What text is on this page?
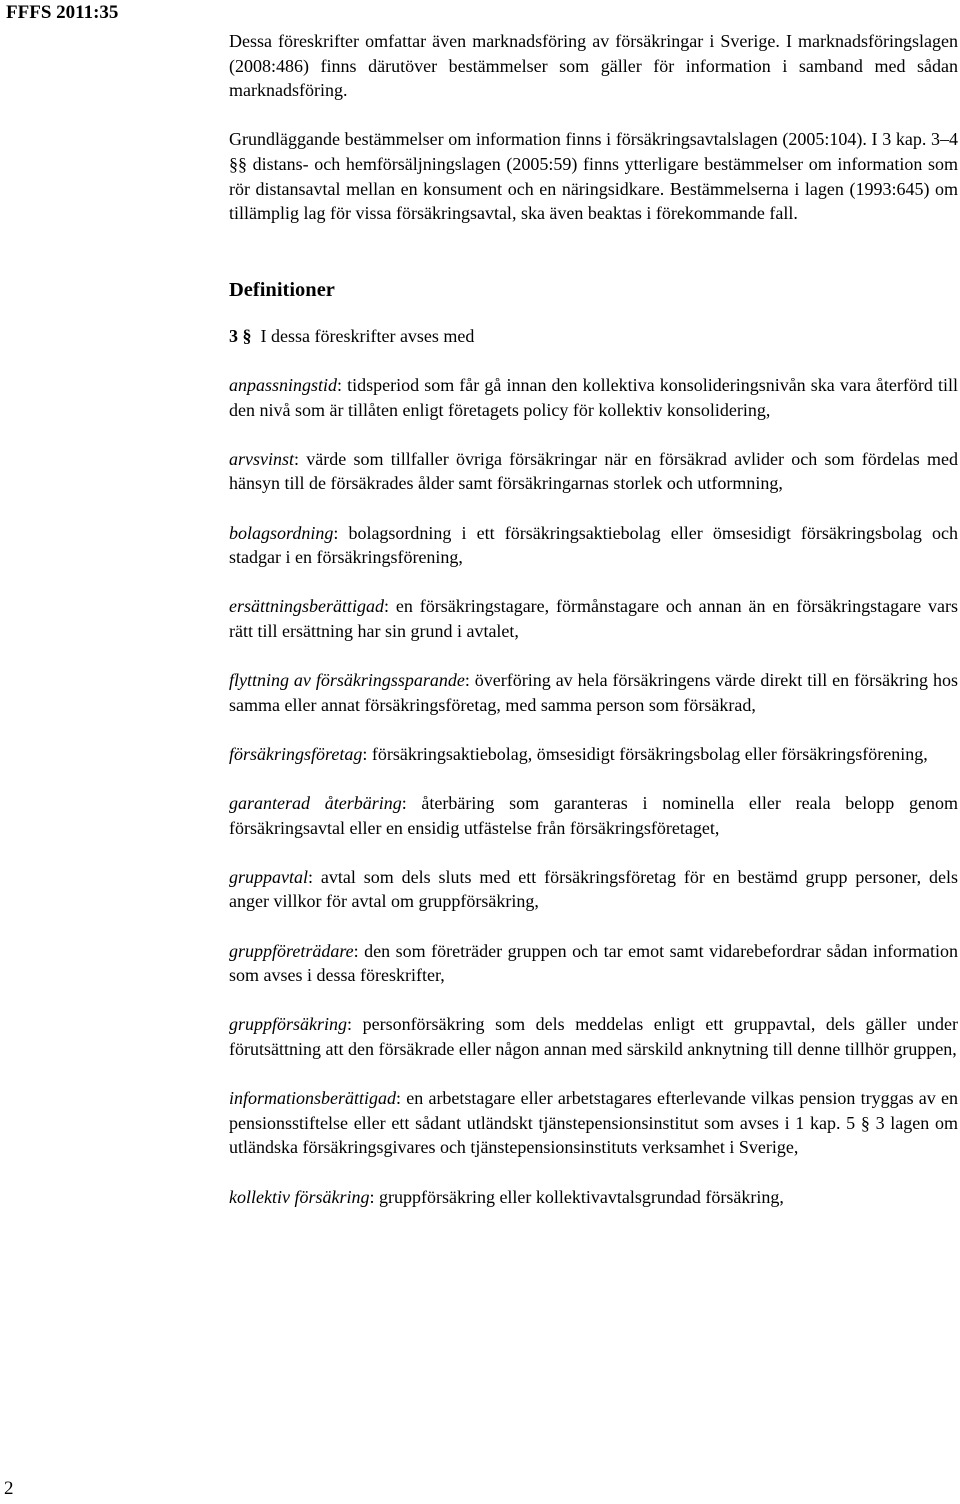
FFFS 2011:35

Dessa föreskrifter omfattar även marknadsföring av försäkringar i Sverige. I marknadsföringslagen (2008:486) finns därutöver bestämmelser som gäller för information i samband med sådan marknadsföring.

Grundläggande bestämmelser om information finns i försäkringsavtalslagen (2005:104). I 3 kap. 3–4 §§ distans- och hemförsäljningslagen (2005:59) finns ytterligare bestämmelser om information som rör distansavtal mellan en konsument och en näringsidkare. Bestämmelserna i lagen (1993:645) om tillämplig lag för vissa försäkringsavtal, ska även beaktas i förekommande fall.

Definitioner

3 § I dessa föreskrifter avses med

anpassningstid: tidsperiod som får gå innan den kollektiva konsolideringsnivån ska vara återförd till den nivå som är tillåten enligt företagets policy för kollektiv konsolidering,

arvsvinst: värde som tillfaller övriga försäkringar när en försäkrad avlider och som fördelas med hänsyn till de försäkrades ålder samt försäkringarnas storlek och utformning,

bolagsordning: bolagsordning i ett försäkringsaktiebolag eller ömsesidigt försäkringsbolag och stadgar i en försäkringsförening,

ersättningsberättigad: en försäkringstagare, förmånstagare och annan än en försäkringstagare vars rätt till ersättning har sin grund i avtalet,

flyttning av försäkringssparande: överföring av hela försäkringens värde direkt till en försäkring hos samma eller annat försäkringsföretag, med samma person som försäkrad,

försäkringsföretag: försäkringsaktiebolag, ömsesidigt försäkringsbolag eller försäkringsförening,

garanterad återbäring: återbäring som garanteras i nominella eller reala belopp genom försäkringsavtal eller en ensidig utfästelse från försäkringsföretaget,

gruppavtal: avtal som dels sluts med ett försäkringsföretag för en bestämd grupp personer, dels anger villkor för avtal om gruppförsäkring,

gruppföreträdare: den som företräder gruppen och tar emot samt vidarebefordrar sådan information som avses i dessa föreskrifter,

gruppförsäkring: personförsäkring som dels meddelas enligt ett gruppavtal, dels gäller under förutsättning att den försäkrade eller någon annan med särskild anknytning till denne tillhör gruppen,

informationsberättigad: en arbetstagare eller arbetstagares efterlevande vilkas pension tryggas av en pensionsstiftelse eller ett sådant utländskt tjänstepensionsinstitut som avses i 1 kap. 5 § 3 lagen om utländska försäkringsgivares och tjänstepensionsinstituts verksamhet i Sverige,

kollektiv försäkring: gruppförsäkring eller kollektivavtalsgrundad försäkring,

2
